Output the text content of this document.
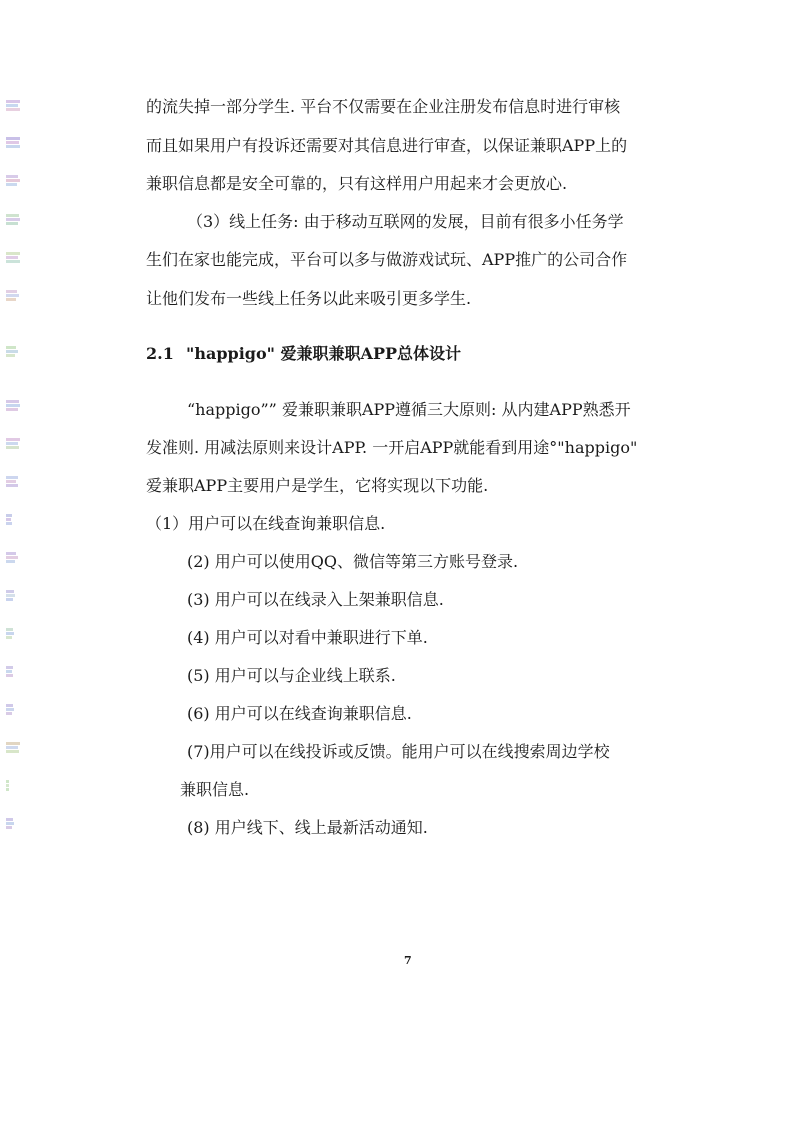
的流失掉一部分学生. 平台不仅需要在企业注册发布信息时进行审核
而且如果用户有投诉还需要对其信息进行审查，以保证兼职APP上的
兼职信息都是安全可靠的，只有这样用户用起来才会更放心.
（3）线上任务: 由于移动互联网的发展，目前有很多小任务学
生们在家也能完成，平台可以多与做游戏试玩、APP推广的公司合作
让他们发布一些线上任务以此来吸引更多学生.
2.1 "happigo" 爱兼职兼职APP总体设计
“happigo”” 爱兼职兼职APP遵循三大原则: 从内建APP熟悉开
发准则. 用减法原则来设计APP. 一开启APP就能看到用途°"happigo"
爱兼职APP主要用户是学生，它将实现以下功能.
（1）用户可以在线查询兼职信息.
(2) 用户可以使用QQ、微信等第三方账号登录.
(3) 用户可以在线录入上架兼职信息.
(4) 用户可以对看中兼职进行下单.
(5) 用户可以与企业线上联系.
(6) 用户可以在线查询兼职信息.
(7)用户可以在线投诉或反馈。能用户可以在线搜索周边学校
兼职信息.
(8) 用户线下、线上最新活动通知.
7
